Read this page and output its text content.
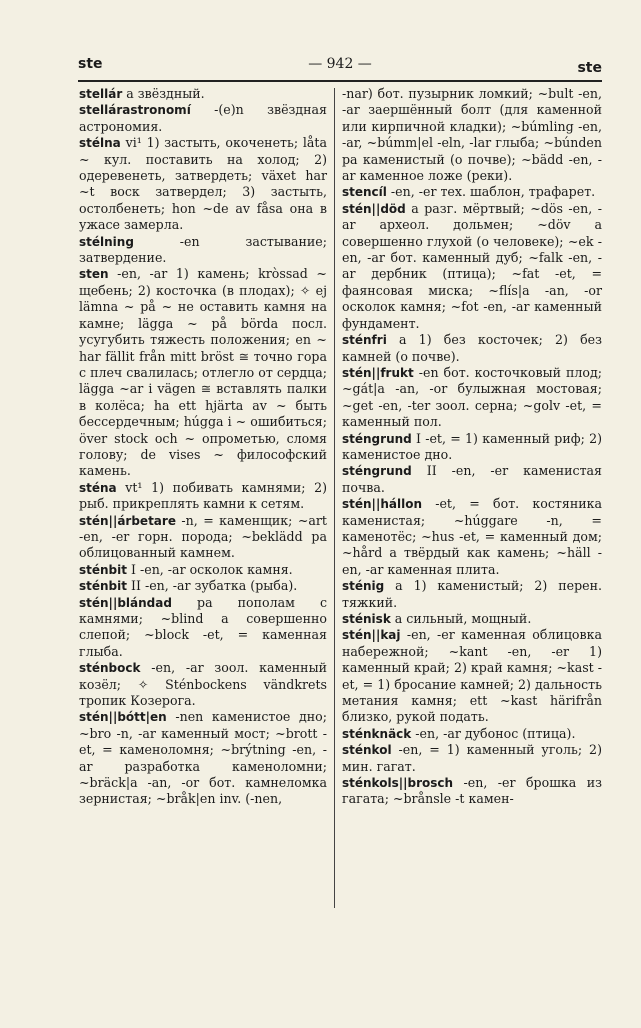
ste	— 942 —	ste

stellár a звёздный.

stellárastronomí -(e)n звёздная астрономия.

stélna vi¹ 1) застыть, окоченеть; låta ~ кул. поставить на холод; 2) одеревенеть, затвердеть; växet har ~t воск затвердел; 3) застыть, остолбенеть; hon ~de av fåsa она в ужасе замерла.

stélning -en застывание; затвердение.

sten -en, -ar 1) камень; kròssad ~ щебень; 2) косточка (в плодах); ✧ ej lämna ~ på ~ не оставить камня на камне; lägga ~ på börda посл. усугубить тяжесть положения; en ~ har fällit från mitt bröst ≅ точно гора с плеч свалилась; отлегло от сердца; lägga ~ar i vägen ≅ вставлять палки в колёса; ha ett hjärta av ~ быть бессердечным; húgga i ~ ошибиться; över stock och ~ опрометью, сломя голову; de vises ~ философский камень.

sténa vt¹ 1) побивать камнями; 2) рыб. прикреплять камни к сетям.

stén||árbetare -n, = каменщик; ~art -en, -er горн. порода; ~beklädd pa облицованный камнем.

sténbit I -en, -ar осколок камня.

sténbit II -en, -ar зубатка (рыба).

stén||blándad pa пополам с камнями; ~blind a совершенно слепой; ~block -et, = каменная глыба.

sténbock -en, -ar зоол. каменный козёл; ✧ Sténbockens vändkrets тропик Козерога.

stén||bótt|en -nen каменистое дно; ~bro -n, -ar каменный мост; ~brott -et, = каменоломня; ~brýtning -en, -ar разработка каменоломни; ~bräck|a -an, -or бот. камнеломка зернистая; ~bråk|en inv. (-nen,

-nar) бот. пузырник ломкий; ~bult -en, -ar заершённый болт (для каменной или кирпичной кладки); ~búmling -en, -ar, ~búmm|el -eln, -lar глыба; ~búnden pa каменистый (о почве); ~bädd -en, -ar каменное ложе (реки).

stencíl -en, -er тех. шаблон, трафарет.

stén||död a разг. мёртвый; ~dös -en, -ar археол. дольмен; ~döv a совершенно глухой (о человеке); ~ek -en, -ar бот. каменный дуб; ~falk -en, -ar дербник (птица); ~fat -et, = фаянсовая миска; ~flís|a -an, -or осколок камня; ~fot -en, -ar каменный фундамент.

sténfri a 1) без косточек; 2) без камней (о почве).

stén||frukt -en бот. косточковый плод; ~gát|a -an, -or булыжная мостовая; ~get -en, -ter зоол. серна; ~golv -et, = каменный пол.

sténgrund I -et, = 1) каменный риф; 2) каменистое дно.

sténgrund II -en, -er каменистая почва.

stén||hállon -et, = бот. костяника каменистая; ~húggare -n, = каменотёс; ~hus -et, = каменный дом; ~hård a твёрдый как камень; ~häll -en, -ar каменная плита.

sténig a 1) каменистый; 2) перен. тяжкий.

sténisk a сильный, мощный.

stén||kaj -en, -er каменная облицовка набережной; ~kant -en, -er 1) каменный край; 2) край камня; ~kast -et, = 1) бросание камней; 2) дальность метания камня; ett ~kast härifrån близко, рукой подать.

sténknäck -en, -ar дубонос (птица).

sténkol -en, = 1) каменный уголь; 2) мин. гагат.

sténkols||brosch -en, -er брошка из гагата; ~brånsle -t камен-
